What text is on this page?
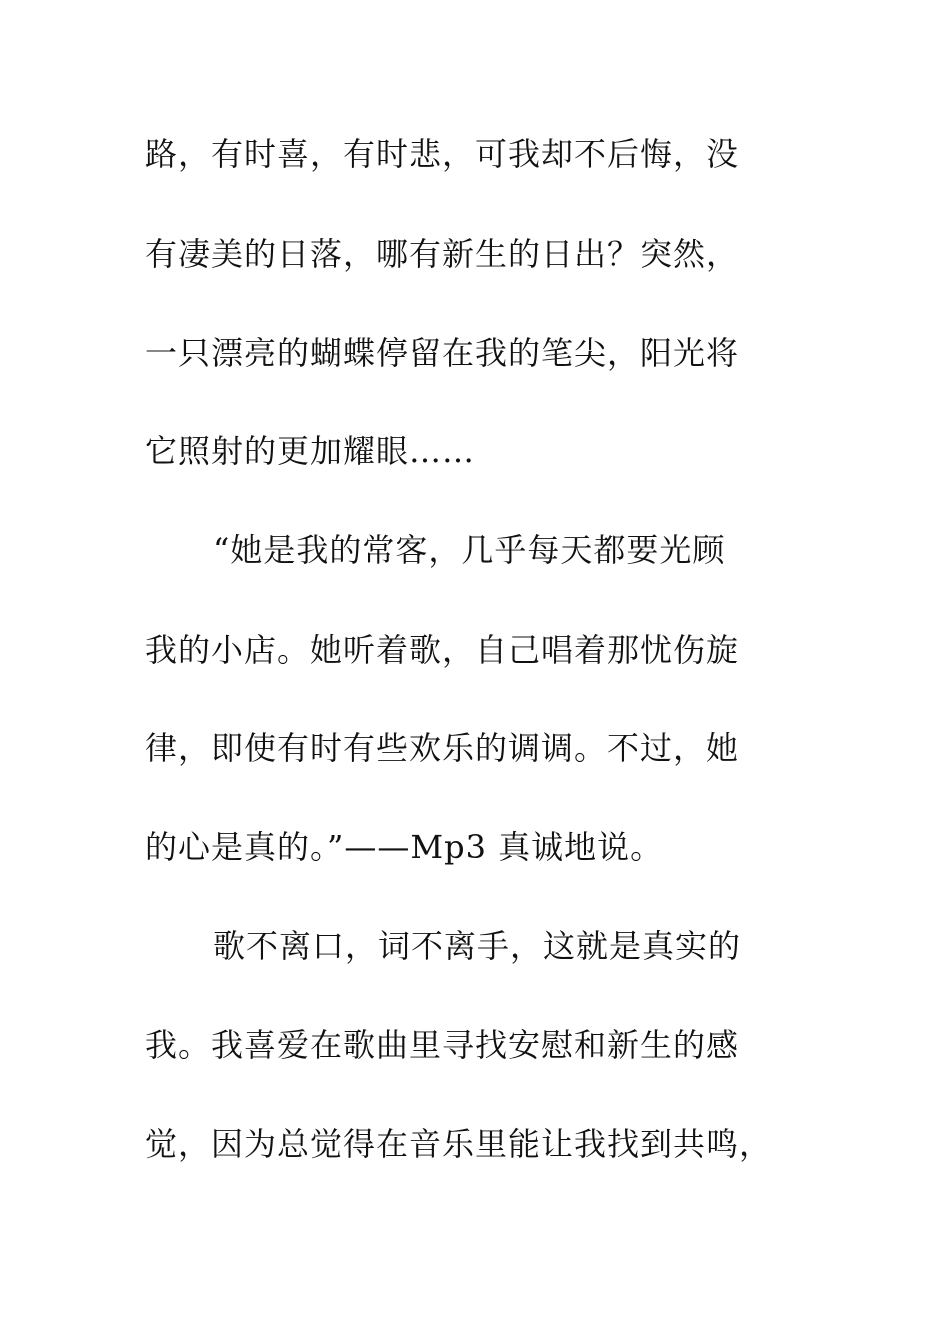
路，有时喜，有时悲，可我却不后悔，没
有凄美的日落，哪有新生的日出？突然，
一只漂亮的蝴蝶停留在我的笔尖，阳光将
它照射的更加耀眼……
“她是我的常客，几乎每天都要光顾
我的小店。她听着歌，自己唱着那忧伤旋
律，即使有时有些欢乐的调调。不过，她
的心是真的。”——Mp3 真诚地说。
歌不离口，词不离手，这就是真实的
我。我喜爱在歌曲里寻找安慰和新生的感
觉，因为总觉得在音乐里能让我找到共鸣，
